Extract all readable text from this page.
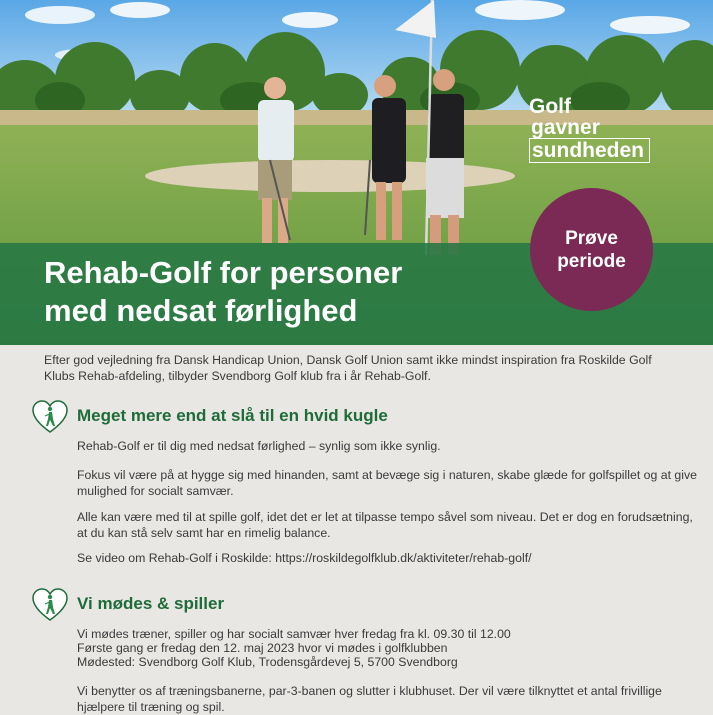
Golf
gavner
sundheden
Rehab-Golf for personer
med nedsat førlighed
Prøve
periode

Efter god vejledning fra Dansk Handicap Union, Dansk Golf Union samt ikke mindst inspiration fra Roskilde Golf Klubs Rehab-afdeling, tilbyder Svendborg Golf klub fra i år Rehab-Golf.

Meget mere end at slå til en hvid kugle

Rehab-Golf er til dig med nedsat førlighed – synlig som ikke synlig.

Fokus vil være på at hygge sig med hinanden, samt at bevæge sig i naturen, skabe glæde for golfspillet og at give mulighed for socialt samvær.

Alle kan være med til at spille golf, idet det er let at tilpasse tempo såvel som niveau. Det er dog en forudsætning, at du kan stå selv samt har en rimelig balance.

Se video om Rehab-Golf i Roskilde: https://roskildegolfklub.dk/aktiviteter/rehab-golf/

Vi mødes & spiller

Vi mødes træner, spiller og har socialt samvær hver fredag fra kl. 09.30 til 12.00

Første gang er fredag den 12. maj 2023 hvor vi mødes i golfklubben

Mødested: Svendborg Golf Klub, Trodensgårdevej 5, 5700 Svendborg

Vi benytter os af træningsbanerne, par-3-banen og slutter i klubhuset. Der vil være tilknyttet et antal frivillige hjælpere til træning og spil.
